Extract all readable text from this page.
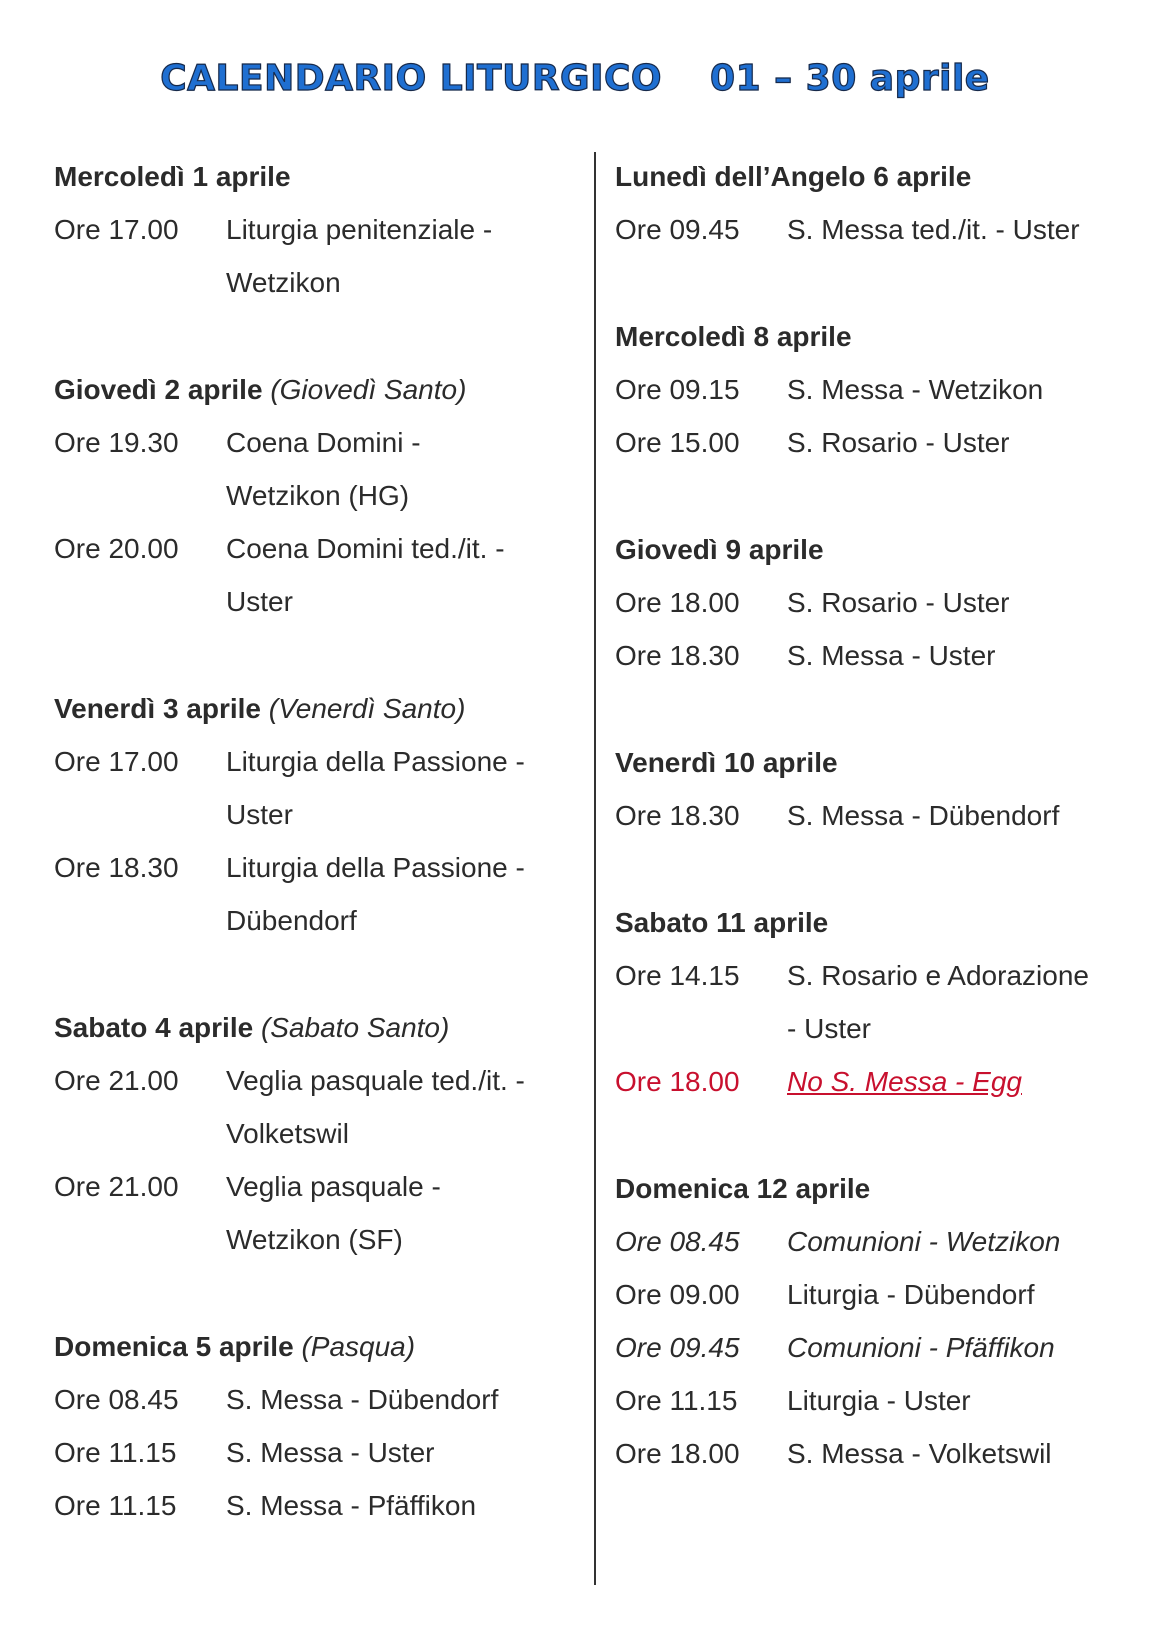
CALENDARIO LITURGICO 01 – 30 aprile
Mercoledì 1 aprile
Ore 17.00	Liturgia penitenziale -
Wetzikon
Giovedì 2 aprile (Giovedì Santo)
Ore 19.30	Coena Domini -
Wetzikon (HG)
Ore 20.00	Coena Domini ted./it. -
Uster
Venerdì 3 aprile (Venerdì Santo)
Ore 17.00	Liturgia della Passione -
Uster
Ore 18.30	Liturgia della Passione -
Dübendorf
Sabato 4 aprile (Sabato Santo)
Ore 21.00	Veglia pasquale ted./it. -
Volketswil
Ore 21.00	Veglia pasquale -
Wetzikon (SF)
Domenica 5 aprile (Pasqua)
Ore 08.45	S. Messa - Dübendorf
Ore 11.15	S. Messa - Uster
Ore 11.15	S. Messa - Pfäffikon
Lunedì dell’Angelo 6 aprile
Ore 09.45	S. Messa ted./it. - Uster
Mercoledì 8 aprile
Ore 09.15	S. Messa - Wetzikon
Ore 15.00	S. Rosario - Uster
Giovedì 9 aprile
Ore 18.00	S. Rosario - Uster
Ore 18.30	S. Messa - Uster
Venerdì 10 aprile
Ore 18.30	S. Messa - Dübendorf
Sabato 11 aprile
Ore 14.15	S. Rosario e Adorazione
- Uster
Ore 18.00	No S. Messa - Egg
Domenica 12 aprile
Ore 08.45	Comunioni - Wetzikon
Ore 09.00	Liturgia - Dübendorf
Ore 09.45	Comunioni - Pfäffikon
Ore 11.15	Liturgia - Uster
Ore 18.00	S. Messa - Volketswil
